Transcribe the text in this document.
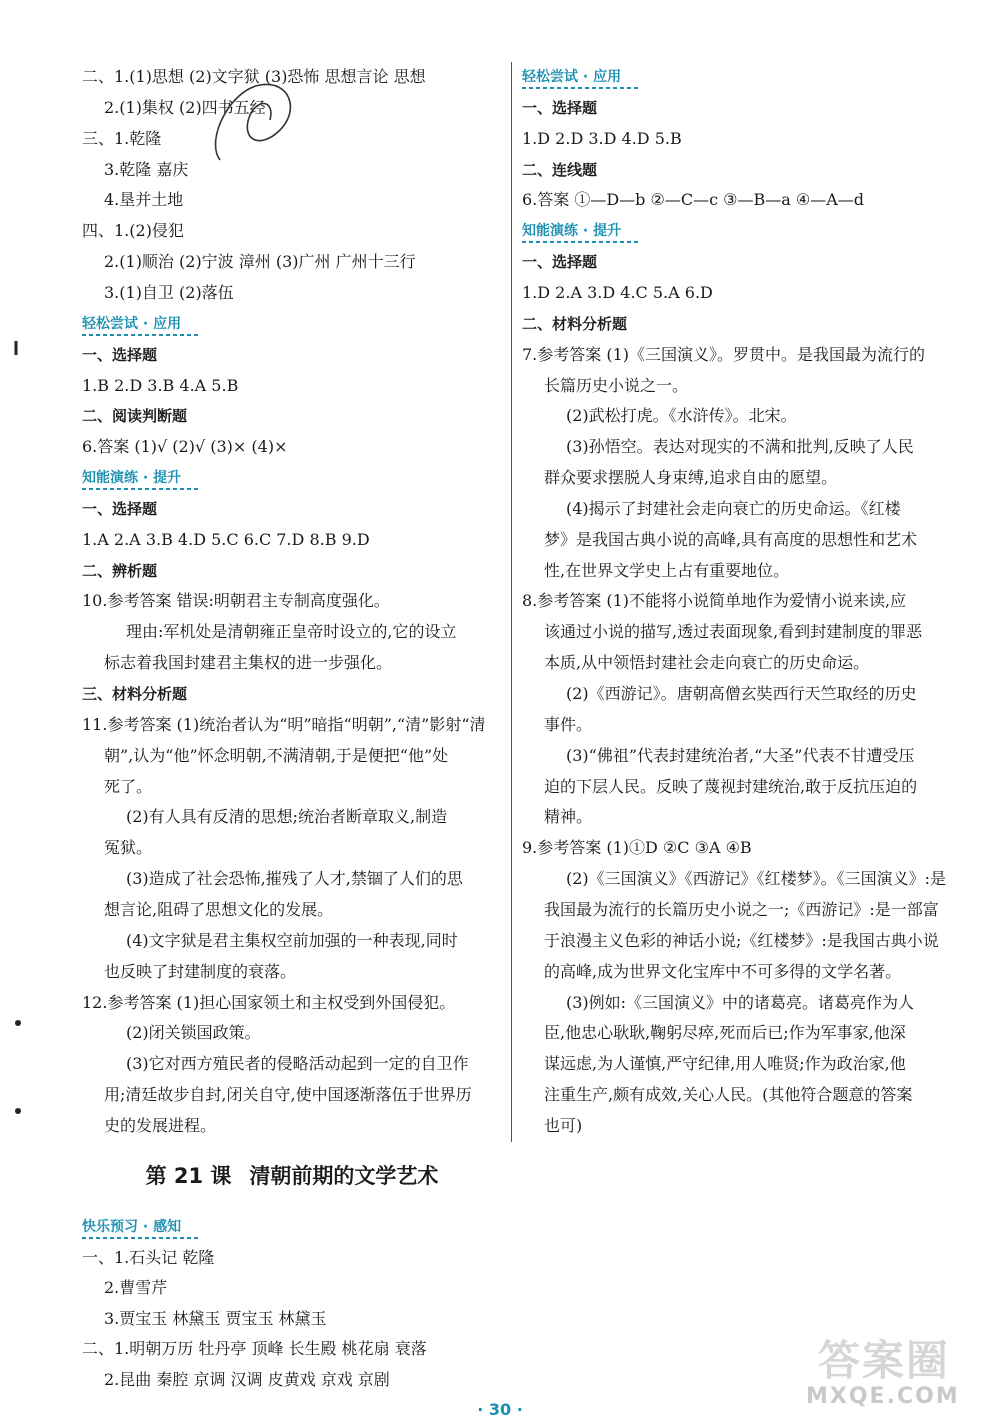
二、1.(1)思想 (2)文字狱 (3)恐怖 思想言论 思想
2.(1)集权 (2)四书五经
三、1.乾隆
3.乾隆 嘉庆
4.垦并土地
四、1.(2)侵犯
2.(1)顺治 (2)宁波 漳州 (3)广州 广州十三行
3.(1)自卫 (2)落伍
轻松尝试 · 应用
一、选择题
1.B 2.D 3.B 4.A 5.B
二、阅读判断题
6.答案 (1)√ (2)√ (3)× (4)×
知能演练 · 提升
一、选择题
1.A 2.A 3.B 4.D 5.C 6.C 7.D 8.B 9.D
二、辨析题
10.参考答案 错误:明朝君主专制高度强化。
理由:军机处是清朝雍正皇帝时设立的,它的设立
标志着我国封建君主集权的进一步强化。
三、材料分析题
11.参考答案 (1)统治者认为“明”暗指“明朝”,“清”影射“清
朝”,认为“他”怀念明朝,不满清朝,于是便把“他”处
死了。
(2)有人具有反清的思想;统治者断章取义,制造
冤狱。
(3)造成了社会恐怖,摧残了人才,禁锢了人们的思
想言论,阻碍了思想文化的发展。
(4)文字狱是君主集权空前加强的一种表现,同时
也反映了封建制度的衰落。
12.参考答案 (1)担心国家领土和主权受到外国侵犯。
(2)闭关锁国政策。
(3)它对西方殖民者的侵略活动起到一定的自卫作
用;清廷故步自封,闭关自守,使中国逐渐落伍于世界历
史的发展进程。
轻松尝试 · 应用
一、选择题
1.D 2.D 3.D 4.D 5.B
二、连线题
6.答案 ①—D—b ②—C—c ③—B—a ④—A—d
知能演练 · 提升
一、选择题
1.D 2.A 3.D 4.C 5.A 6.D
二、材料分析题
7.参考答案 (1)《三国演义》。罗贯中。是我国最为流行的
长篇历史小说之一。
(2)武松打虎。《水浒传》。北宋。
(3)孙悟空。表达对现实的不满和批判,反映了人民
群众要求摆脱人身束缚,追求自由的愿望。
(4)揭示了封建社会走向衰亡的历史命运。《红楼
梦》是我国古典小说的高峰,具有高度的思想性和艺术
性,在世界文学史上占有重要地位。
8.参考答案 (1)不能将小说简单地作为爱情小说来读,应
该通过小说的描写,透过表面现象,看到封建制度的罪恶
本质,从中领悟封建社会走向衰亡的历史命运。
(2)《西游记》。唐朝高僧玄奘西行天竺取经的历史
事件。
(3)“佛祖”代表封建统治者,“大圣”代表不甘遭受压
迫的下层人民。反映了蔑视封建统治,敢于反抗压迫的
精神。
9.参考答案 (1)①D ②C ③A ④B
(2)《三国演义》《西游记》《红楼梦》。《三国演义》:是
我国最为流行的长篇历史小说之一;《西游记》:是一部富
于浪漫主义色彩的神话小说;《红楼梦》:是我国古典小说
的高峰,成为世界文化宝库中不可多得的文学名著。
(3)例如:《三国演义》中的诸葛亮。诸葛亮作为人
臣,他忠心耿耿,鞠躬尽瘁,死而后已;作为军事家,他深
谋远虑,为人谨慎,严守纪律,用人唯贤;作为政治家,他
注重生产,颇有成效,关心人民。(其他符合题意的答案
也可)
第 21 课 清朝前期的文学艺术
快乐预习 · 感知
一、1.石头记 乾隆
2.曹雪芹
3.贾宝玉 林黛玉 贾宝玉 林黛玉
二、1.明朝万历 牡丹亭 顶峰 长生殿 桃花扇 衰落
2.昆曲 秦腔 京调 汉调 皮黄戏 京戏 京剧
· 30 ·
答案圈
MXQE.COM
